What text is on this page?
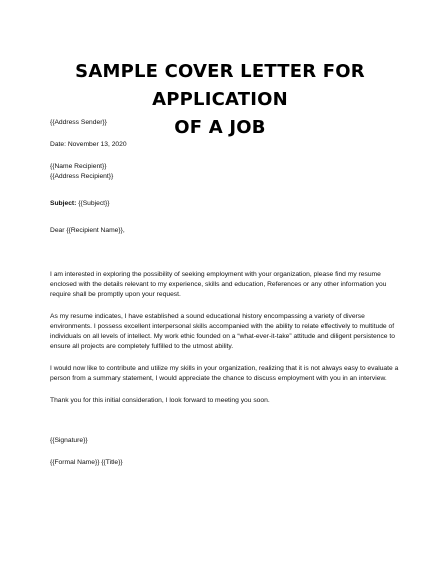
SAMPLE COVER LETTER FOR APPLICATION
OF A JOB

{{Address Sender}}

Date: November 13, 2020

{{Name Recipient}}

{{Address Recipient}}

Subject: {{Subject}}

Dear {{Recipient Name}},

I am interested in exploring the possibility of seeking employment with your organization, please find my resume enclosed with the details relevant to my experience, skills and education, References or any other information you require shall be promptly upon your request.

As my resume indicates, I have established a sound educational history encompassing a variety of diverse environments. I possess excellent interpersonal skills accompanied with the ability to relate effectively to multitude of individuals on all levels of intellect. My work ethic founded on a “what-ever-it-take” attitude and diligent persistence to ensure all projects are completely fulfilled to the utmost ability.

I would now like to contribute and utilize my skills in your organization, realizing that it is not always easy to evaluate a person from a summary statement, I would appreciate the chance to discuss employment with you in an interview.

Thank you for this initial consideration, I look forward to meeting you soon.

{{Signature}}

{{Formal Name}} {{Title}}
